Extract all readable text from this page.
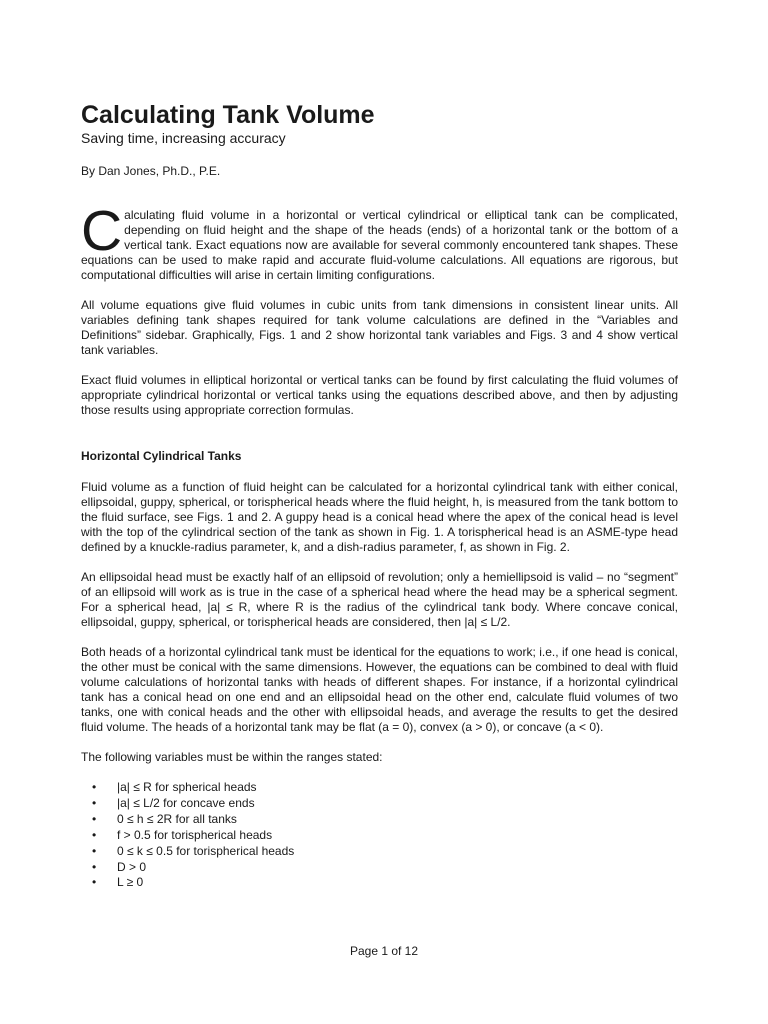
Calculating Tank Volume

Saving time, increasing accuracy

By Dan Jones, Ph.D., P.E.

Calculating fluid volume in a horizontal or vertical cylindrical or elliptical tank can be complicated, depending on fluid height and the shape of the heads (ends) of a horizontal tank or the bottom of a vertical tank. Exact equations now are available for several commonly encountered tank shapes. These equations can be used to make rapid and accurate fluid-volume calculations. All equations are rigorous, but computational difficulties will arise in certain limiting configurations.

All volume equations give fluid volumes in cubic units from tank dimensions in consistent linear units. All variables defining tank shapes required for tank volume calculations are defined in the “Variables and Definitions” sidebar. Graphically, Figs. 1 and 2 show horizontal tank variables and Figs. 3 and 4 show vertical tank variables.

Exact fluid volumes in elliptical horizontal or vertical tanks can be found by first calculating the fluid volumes of appropriate cylindrical horizontal or vertical tanks using the equations described above, and then by adjusting those results using appropriate correction formulas.

Horizontal Cylindrical Tanks

Fluid volume as a function of fluid height can be calculated for a horizontal cylindrical tank with either conical, ellipsoidal, guppy, spherical, or torispherical heads where the fluid height, h, is measured from the tank bottom to the fluid surface, see Figs. 1 and 2. A guppy head is a conical head where the apex of the conical head is level with the top of the cylindrical section of the tank as shown in Fig. 1. A torispherical head is an ASME-type head defined by a knuckle-radius parameter, k, and a dish-radius parameter, f, as shown in Fig. 2.

An ellipsoidal head must be exactly half of an ellipsoid of revolution; only a hemiellipsoid is valid – no “segment” of an ellipsoid will work as is true in the case of a spherical head where the head may be a spherical segment. For a spherical head, |a| ≤ R, where R is the radius of the cylindrical tank body. Where concave conical, ellipsoidal, guppy, spherical, or torispherical heads are considered, then |a| ≤ L/2.

Both heads of a horizontal cylindrical tank must be identical for the equations to work; i.e., if one head is conical, the other must be conical with the same dimensions. However, the equations can be combined to deal with fluid volume calculations of horizontal tanks with heads of different shapes. For instance, if a horizontal cylindrical tank has a conical head on one end and an ellipsoidal head on the other end, calculate fluid volumes of two tanks, one with conical heads and the other with ellipsoidal heads, and average the results to get the desired fluid volume. The heads of a horizontal tank may be flat (a = 0), convex (a > 0), or concave (a < 0).

The following variables must be within the ranges stated:

• |a| ≤ R for spherical heads
• |a| ≤ L/2 for concave ends
• 0 ≤ h ≤ 2R for all tanks
• f > 0.5 for torispherical heads
• 0 ≤ k ≤ 0.5 for torispherical heads
• D > 0
• L ≥ 0
Page 1 of 12
